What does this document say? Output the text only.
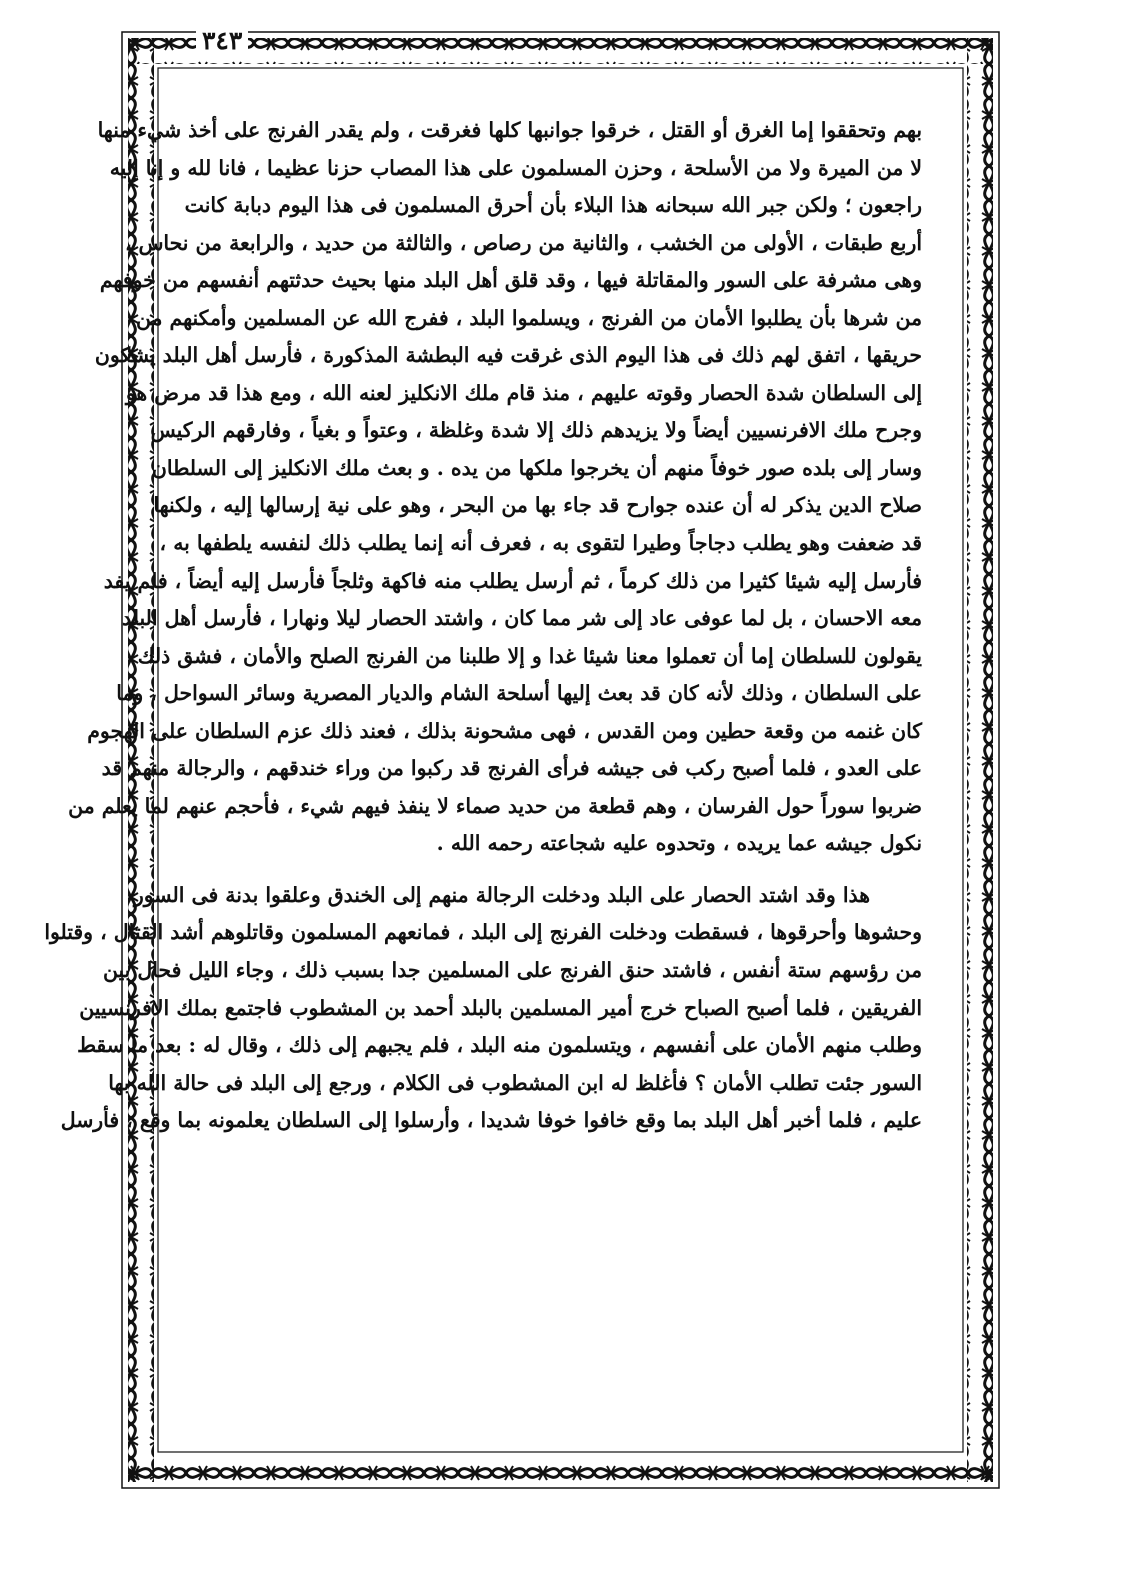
٣٤٣
بهم وتحققوا إما الغرق أو القتل ، خرقوا جوانبها كلها فغرقت ، ولم يقدر الفرنج على أخذ شيء منها
لا من الميرة ولا من الأسلحة ، وحزن المسلمون على هذا المصاب حزنا عظيما ، فانا لله و إنا إليه
راجعون ؛ ولكن جبر الله سبحانه هذا البلاء بأن أحرق المسلمون فى هذا اليوم دبابة كانت
أربع طبقات ، الأولى من الخشب ، والثانية من رصاص ، والثالثة من حديد ، والرابعة من نحاس ،
وهى مشرفة على السور والمقاتلة فيها ، وقد قلق أهل البلد منها بحيث حدثتهم أنفسهم من خوفهم
من شرها بأن يطلبوا الأمان من الفرنج ، ويسلموا البلد ، ففرج الله عن المسلمين وأمكنهم من
حريقها ، اتفق لهم ذلك فى هذا اليوم الذى غرقت فيه البطشة المذكورة ، فأرسل أهل البلد يشكون
إلى السلطان شدة الحصار وقوته عليهم ، منذ قام ملك الانكليز لعنه الله ، ومع هذا قد مرض هو
وجرح ملك الافرنسيين أيضاً ولا يزيدهم ذلك إلا شدة وغلظة ، وعتواً و بغياً ، وفارقهم الركيس
وسار إلى بلده صور خوفاً منهم أن يخرجوا ملكها من يده . و بعث ملك الانكليز إلى السلطان
صلاح الدين يذكر له أن عنده جوارح قد جاء بها من البحر ، وهو على نية إرسالها إليه ، ولكنها
قد ضعفت وهو يطلب دجاجاً وطيرا لتقوى به ، فعرف أنه إنما يطلب ذلك لنفسه يلطفها به ،
فأرسل إليه شيئا كثيرا من ذلك كرماً ، ثم أرسل يطلب منه فاكهة وثلجاً فأرسل إليه أيضاً ، فلم يفد
معه الاحسان ، بل لما عوفى عاد إلى شر مما كان ، واشتد الحصار ليلا ونهارا ، فأرسل أهل البلد
يقولون للسلطان إما أن تعملوا معنا شيئا غدا و إلا طلبنا من الفرنج الصلح والأمان ، فشق ذلك
على السلطان ، وذلك لأنه كان قد بعث إليها أسلحة الشام والديار المصرية وسائر السواحل ، وما
كان غنمه من وقعة حطين ومن القدس ، فهى مشحونة بذلك ، فعند ذلك عزم السلطان على الهجوم
على العدو ، فلما أصبح ركب فى جيشه فرأى الفرنج قد ركبوا من وراء خندقهم ، والرجالة منهم قد
ضربوا سوراً حول الفرسان ، وهم قطعة من حديد صماء لا ينفذ فيهم شيء ، فأحجم عنهم لما يعلم من
نكول جيشه عما يريده ، وتحدوه عليه شجاعته رحمه الله .
هذا وقد اشتد الحصار على البلد ودخلت الرجالة منهم إلى الخندق وعلقوا بدنة فى السور
وحشوها وأحرقوها ، فسقطت ودخلت الفرنج إلى البلد ، فمانعهم المسلمون وقاتلوهم أشد القتال ، وقتلوا
من رؤسهم ستة أنفس ، فاشتد حنق الفرنج على المسلمين جدا بسبب ذلك ، وجاء الليل فحال بين
الفريقين ، فلما أصبح الصباح خرج أمير المسلمين بالبلد أحمد بن المشطوب فاجتمع بملك الافرنسيين
وطلب منهم الأمان على أنفسهم ، ويتسلمون منه البلد ، فلم يجبهم إلى ذلك ، وقال له : بعد ما سقط
السور جئت تطلب الأمان ؟ فأغلظ له ابن المشطوب فى الكلام ، ورجع إلى البلد فى حالة الله بها
عليم ، فلما أخبر أهل البلد بما وقع خافوا خوفا شديدا ، وأرسلوا إلى السلطان يعلمونه بما وقع ، فأرسل
